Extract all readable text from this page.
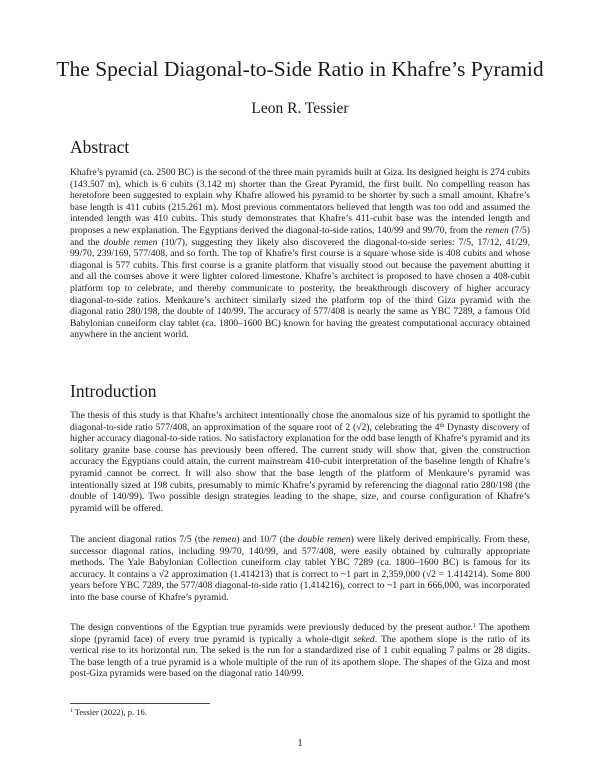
The Special Diagonal-to-Side Ratio in Khafre’s Pyramid

Leon R. Tessier

Abstract

Khafre’s pyramid (ca. 2500 BC) is the second of the three main pyramids built at Giza. Its designed height is 274 cubits (143.507 m), which is 6 cubits (3.142 m) shorter than the Great Pyramid, the first built. No compelling reason has heretofore been suggested to explain why Khafre allowed his pyramid to be shorter by such a small amount. Khafre’s base length is 411 cubits (215.261 m). Most previous commentators believed that length was too odd and assumed the intended length was 410 cubits. This study demonstrates that Khafre’s 411-cubit base was the intended length and proposes a new explanation. The Egyptians derived the diagonal-to-side ratios, 140/99 and 99/70, from the remen (7/5) and the double remen (10/7), suggesting they likely also discovered the diagonal-to-side series: 7/5, 17/12, 41/29, 99/70, 239/169, 577/408, and so forth. The top of Khafre’s first course is a square whose side is 408 cubits and whose diagonal is 577 cubits. This first course is a granite platform that visually stood out because the pavement abutting it and all the courses above it were lighter colored limestone. Khafre’s architect is proposed to have chosen a 408-cubit platform top to celebrate, and thereby communicate to posterity, the breakthrough discovery of higher accuracy diagonal-to-side ratios. Menkaure’s architect similarly sized the platform top of the third Giza pyramid with the diagonal ratio 280/198, the double of 140/99. The accuracy of 577/408 is nearly the same as YBC 7289, a famous Old Babylonian cuneiform clay tablet (ca. 1800–1600 BC) known for having the greatest computational accuracy obtained anywhere in the ancient world.

Introduction

The thesis of this study is that Khafre’s architect intentionally chose the anomalous size of his pyramid to spotlight the diagonal-to-side ratio 577/408, an approximation of the square root of 2 (√2), celebrating the 4th Dynasty discovery of higher accuracy diagonal-to-side ratios. No satisfactory explanation for the odd base length of Khafre’s pyramid and its solitary granite base course has previously been offered. The current study will show that, given the construction accuracy the Egyptians could attain, the current mainstream 410-cubit interpretation of the baseline length of Khafre’s pyramid cannot be correct. It will also show that the base length of the platform of Menkaure’s pyramid was intentionally sized at 198 cubits, presumably to mimic Khafre’s pyramid by referencing the diagonal ratio 280/198 (the double of 140/99). Two possible design strategies leading to the shape, size, and course configuration of Khafre’s pyramid will be offered.

The ancient diagonal ratios 7/5 (the remen) and 10/7 (the double remen) were likely derived empirically. From these, successor diagonal ratios, including 99/70, 140/99, and 577/408, were easily obtained by culturally appropriate methods. The Yale Babylonian Collection cuneiform clay tablet YBC 7289 (ca. 1800–1600 BC) is famous for its accuracy. It contains a √2 approximation (1.414213) that is correct to ~1 part in 2,359,000 (√2 = 1.414214). Some 800 years before YBC 7289, the 577/408 diagonal-to-side ratio (1.414216), correct to ~1 part in 666,000, was incorporated into the base course of Khafre’s pyramid.

The design conventions of the Egyptian true pyramids were previously deduced by the present author.$^1$ The apothem slope (pyramid face) of every true pyramid is typically a whole-digit seked. The apothem slope is the ratio of its vertical rise to its horizontal run. The seked is the run for a standardized rise of 1 cubit equaling 7 palms or 28 digits. The base length of a true pyramid is a whole multiple of the run of its apothem slope. The shapes of the Giza and most post-Giza pyramids were based on the diagonal ratio 140/99.

$^1$ Tessier (2022), p. 16.

1
